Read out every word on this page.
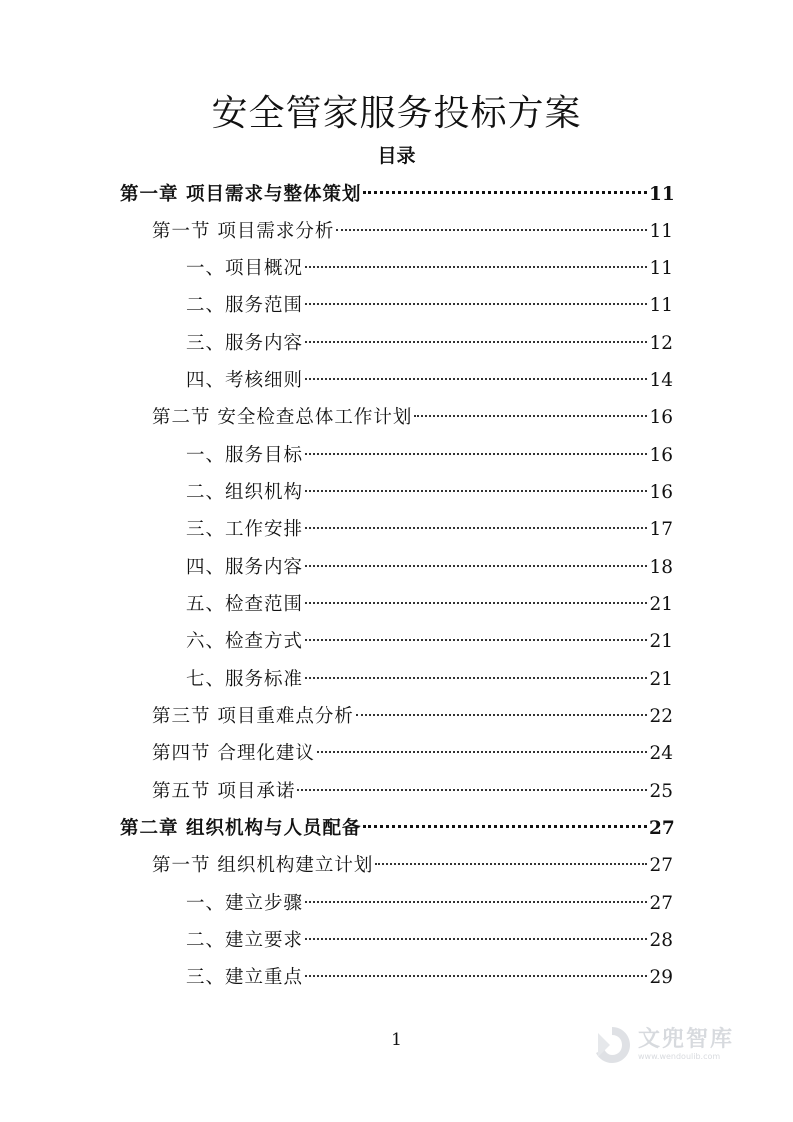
安全管家服务投标方案
目录
第一章 项目需求与整体策划	11
第一节 项目需求分析	11
一、项目概况	11
二、服务范围	11
三、服务内容	12
四、考核细则	14
第二节 安全检查总体工作计划	16
一、服务目标	16
二、组织机构	16
三、工作安排	17
四、服务内容	18
五、检查范围	21
六、检查方式	21
七、服务标准	21
第三节 项目重难点分析	22
第四节 合理化建议	24
第五节 项目承诺	25
第二章 组织机构与人员配备	27
第一节 组织机构建立计划	27
一、建立步骤	27
二、建立要求	28
三、建立重点	29
1	文兜智库
www.wendoulib.com
